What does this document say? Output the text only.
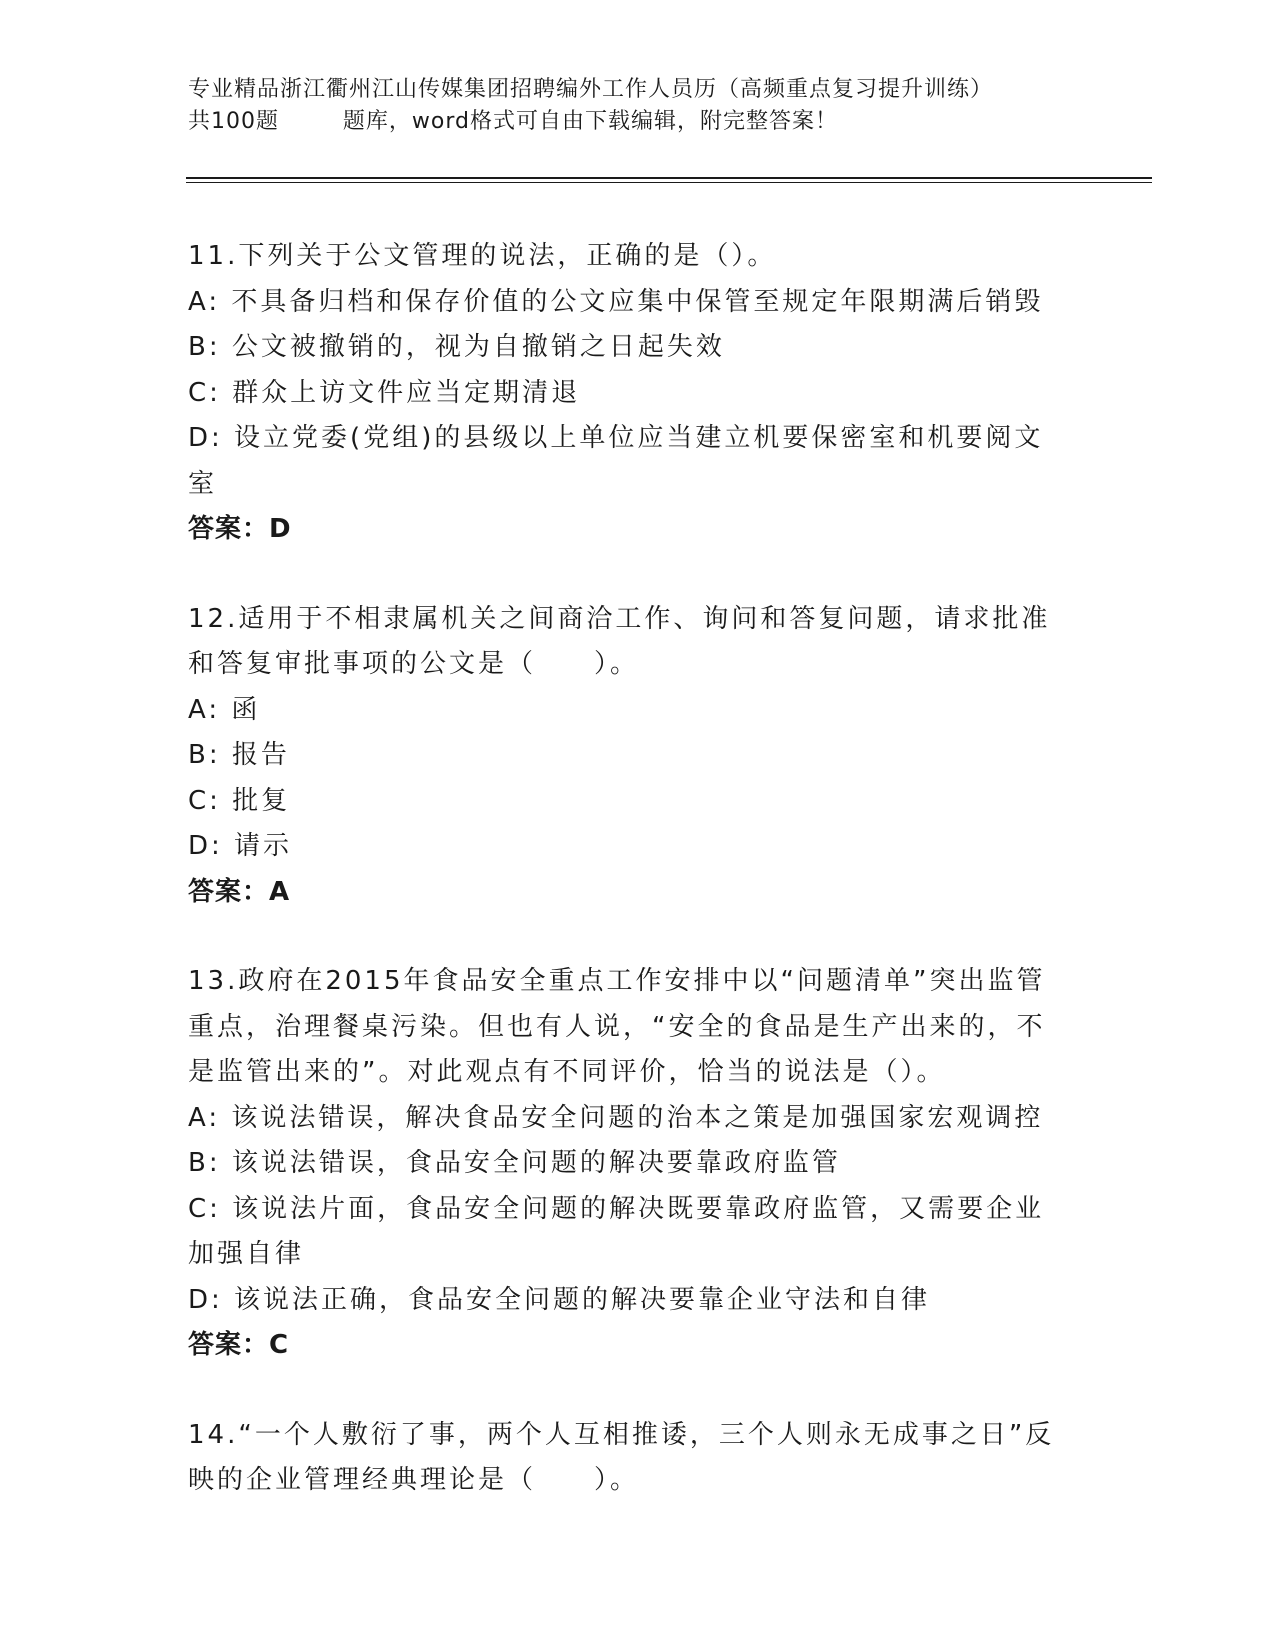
专业精品浙江衢州江山传媒集团招聘编外工作人员历（高频重点复习提升训练）
共100题        题库，word格式可自由下载编辑，附完整答案！

11.下列关于公文管理的说法，正确的是（）。

A: 不具备归档和保存价值的公文应集中保管至规定年限期满后销毁

B: 公文被撤销的，视为自撤销之日起失效

C: 群众上访文件应当定期清退

D: 设立党委(党组)的县级以上单位应当建立机要保密室和机要阅文室

答案：D

12.适用于不相隶属机关之间商洽工作、询问和答复问题，请求批准和答复审批事项的公文是（　　）。

A: 函

B: 报告

C: 批复

D: 请示

答案：A

13.政府在2015年食品安全重点工作安排中以“问题清单”突出监管重点，治理餐桌污染。但也有人说，“安全的食品是生产出来的，不是监管出来的”。对此观点有不同评价，恰当的说法是（）。

A: 该说法错误，解决食品安全问题的治本之策是加强国家宏观调控

B: 该说法错误，食品安全问题的解决要靠政府监管

C: 该说法片面，食品安全问题的解决既要靠政府监管，又需要企业加强自律

D: 该说法正确，食品安全问题的解决要靠企业守法和自律

答案：C

14.“一个人敷衍了事，两个人互相推诿，三个人则永无成事之日”反映的企业管理经典理论是（　　）。
